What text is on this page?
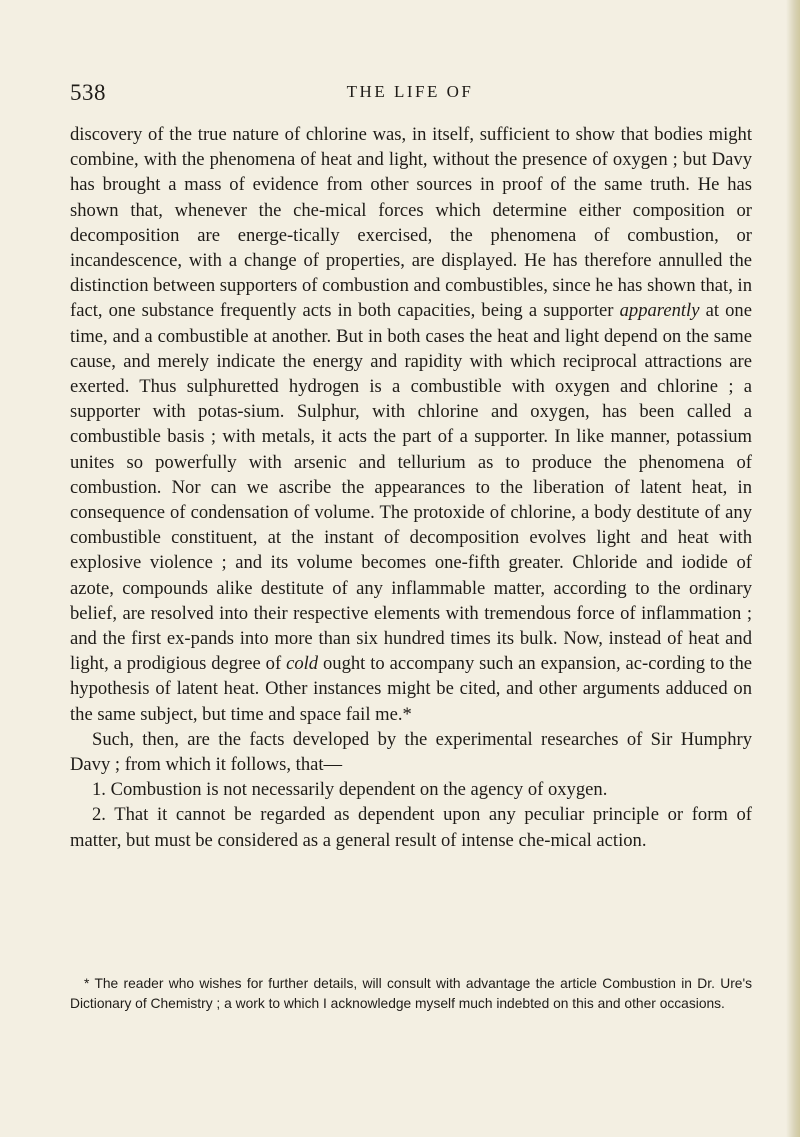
538	THE LIFE OF

discovery of the true nature of chlorine was, in itself, sufficient to show that bodies might combine, with the phenomena of heat and light, without the presence of oxygen ; but Davy has brought a mass of evidence from other sources in proof of the same truth. He has shown that, whenever the che-mical forces which determine either composition or decomposition are energe-tically exercised, the phenomena of combustion, or incandescence, with a change of properties, are displayed. He has therefore annulled the distinction between supporters of combustion and combustibles, since he has shown that, in fact, one substance frequently acts in both capacities, being a supporter apparently at one time, and a combustible at another. But in both cases the heat and light depend on the same cause, and merely indicate the energy and rapidity with which reciprocal attractions are exerted. Thus sulphuretted hydrogen is a combustible with oxygen and chlorine ; a supporter with potas-sium. Sulphur, with chlorine and oxygen, has been called a combustible basis ; with metals, it acts the part of a supporter. In like manner, potassium unites so powerfully with arsenic and tellurium as to produce the phenomena of combustion. Nor can we ascribe the appearances to the liberation of latent heat, in consequence of condensation of volume. The protoxide of chlorine, a body destitute of any combustible constituent, at the instant of decomposition evolves light and heat with explosive violence ; and its volume becomes one-fifth greater. Chloride and iodide of azote, compounds alike destitute of any inflammable matter, according to the ordinary belief, are resolved into their respective elements with tremendous force of inflammation ; and the first ex-pands into more than six hundred times its bulk. Now, instead of heat and light, a prodigious degree of cold ought to accompany such an expansion, ac-cording to the hypothesis of latent heat. Other instances might be cited, and other arguments adduced on the same subject, but time and space fail me.*

Such, then, are the facts developed by the experimental researches of Sir Humphry Davy ; from which it follows, that—

1. Combustion is not necessarily dependent on the agency of oxygen.

2. That it cannot be regarded as dependent upon any peculiar principle or form of matter, but must be considered as a general result of intense che-mical action.

* The reader who wishes for further details, will consult with advantage the article Combustion in Dr. Ure's Dictionary of Chemistry ; a work to which I acknowledge myself much indebted on this and other occasions.
